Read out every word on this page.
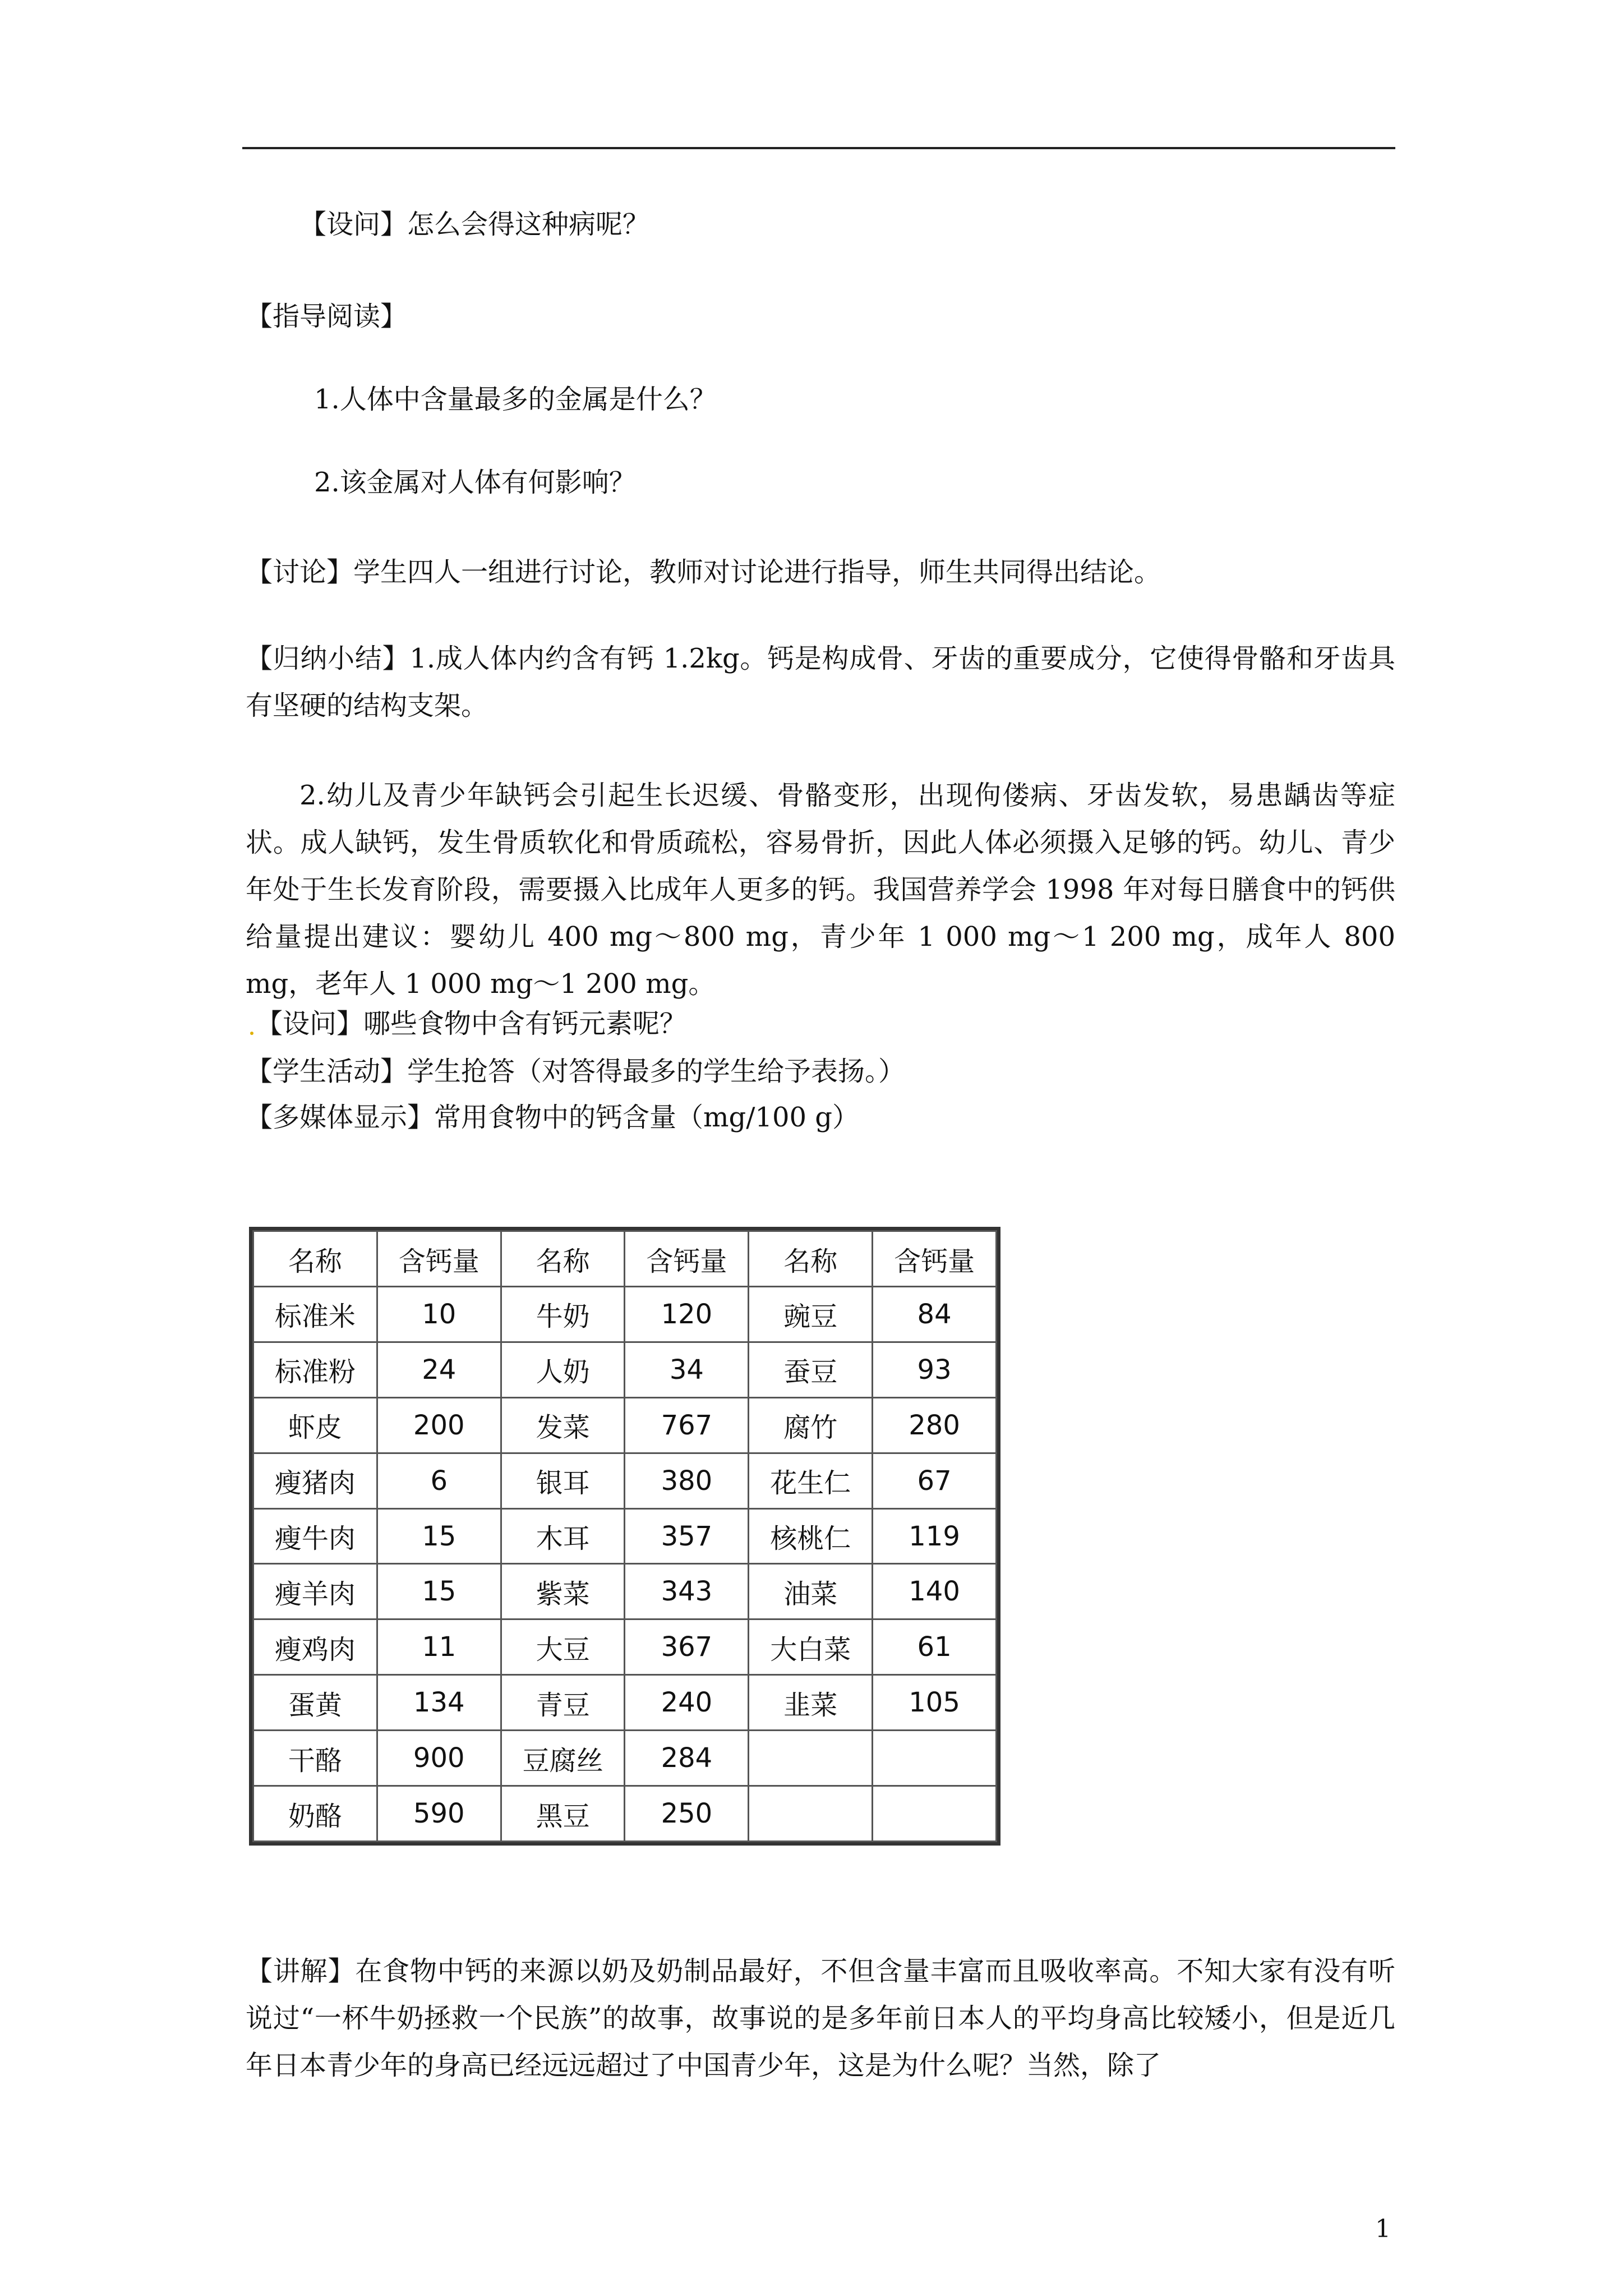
【设问】怎么会得这种病呢？
【指导阅读】
1.人体中含量最多的金属是什么？
2.该金属对人体有何影响？
【讨论】学生四人一组进行讨论，教师对讨论进行指导，师生共同得出结论。
【归纳小结】1.成人体内约含有钙 1.2kg。钙是构成骨、牙齿的重要成分，它使得骨骼和牙齿具有坚硬的结构支架。
2.幼儿及青少年缺钙会引起生长迟缓、骨骼变形，出现佝偻病、牙齿发软，易患龋齿等症状。成人缺钙，发生骨质软化和骨质疏松，容易骨折，因此人体必须摄入足够的钙。幼儿、青少年处于生长发育阶段，需要摄入比成年人更多的钙。我国营养学会 1998 年对每日膳食中的钙供给量提出建议：婴幼儿 400 mg～800 mg，青少年 1 000 mg～1 200 mg，成年人 800 mg，老年人 1 000 mg～1 200 mg。
【设问】哪些食物中含有钙元素呢？
【学生活动】学生抢答（对答得最多的学生给予表扬。）
【多媒体显示】常用食物中的钙含量（mg/100 g）
名称	含钙量	名称	含钙量	名称	含钙量
标准米	10	牛奶	120	豌豆	84
标准粉	24	人奶	34	蚕豆	93
虾皮	200	发菜	767	腐竹	280
瘦猪肉	6	银耳	380	花生仁	67
瘦牛肉	15	木耳	357	核桃仁	119
瘦羊肉	15	紫菜	343	油菜	140
瘦鸡肉	11	大豆	367	大白菜	61
蛋黄	134	青豆	240	韭菜	105
干酪	900	豆腐丝	284		
奶酪	590	黑豆	250		
【讲解】在食物中钙的来源以奶及奶制品最好，不但含量丰富而且吸收率高。不知大家有没有听说过“一杯牛奶拯救一个民族”的故事，故事说的是多年前日本人的平均身高比较矮小，但是近几年日本青少年的身高已经远远超过了中国青少年，这是为什么呢？当然，除了
1
